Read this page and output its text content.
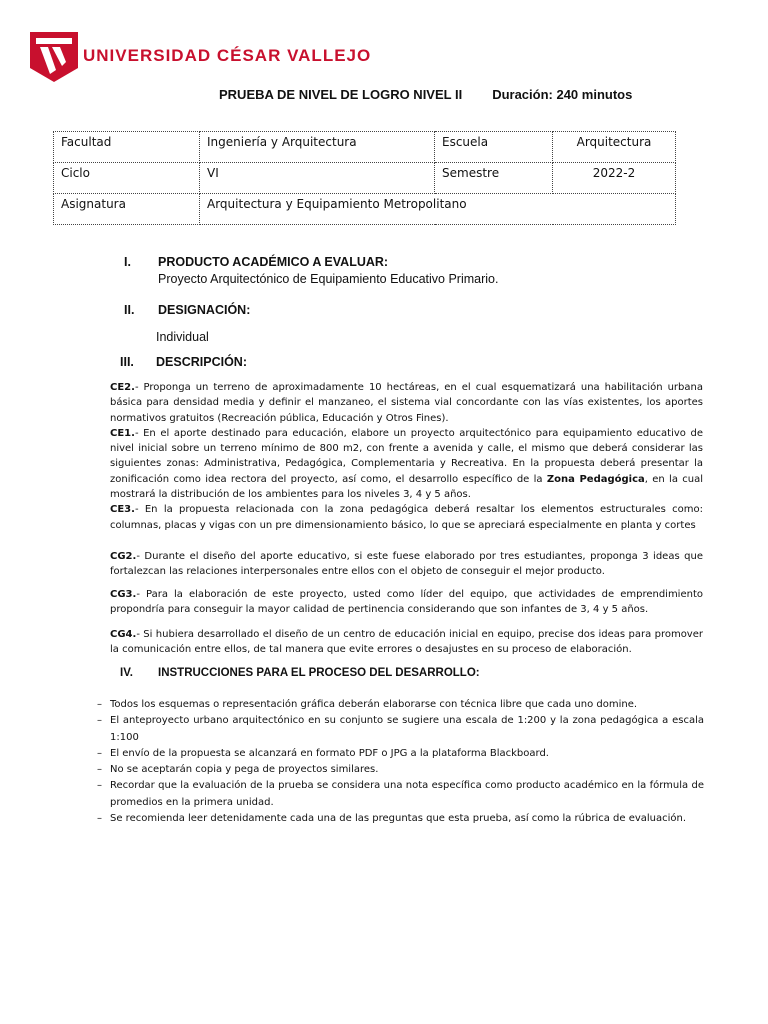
UNIVERSIDAD CÉSAR VALLEJO
PRUEBA DE NIVEL DE LOGRO NIVEL II Duración: 240 minutos
Facultad	Ingeniería y Arquitectura	Escuela	Arquitectura
Ciclo	VI	Semestre	2022-2
Asignatura	Arquitectura y Equipamiento Metropolitano		
I. PRODUCTO ACADÉMICO A EVALUAR:
Proyecto Arquitectónico de Equipamiento Educativo Primario.
II. DESIGNACIÓN:
Individual
III. DESCRIPCIÓN:
CE2.- Proponga un terreno de aproximadamente 10 hectáreas, en el cual esquematizará una habilitación urbana básica para densidad media y definir el manzaneo, el sistema vial concordante con las vías existentes, los aportes normativos gratuitos (Recreación pública, Educación y Otros Fines).
CE1.- En el aporte destinado para educación, elabore un proyecto arquitectónico para equipamiento educativo de nivel inicial sobre un terreno mínimo de 800 m2, con frente a avenida y calle, el mismo que deberá considerar las siguientes zonas: Administrativa, Pedagógica, Complementaria y Recreativa. En la propuesta deberá presentar la zonificación como idea rectora del proyecto, así como, el desarrollo específico de la Zona Pedagógica, en la cual mostrará la distribución de los ambientes para los niveles 3, 4 y 5 años.
CE3.- En la propuesta relacionada con la zona pedagógica deberá resaltar los elementos estructurales como: columnas, placas y vigas con un pre dimensionamiento básico, lo que se apreciará especialmente en planta y cortes
CG2.- Durante el diseño del aporte educativo, si este fuese elaborado por tres estudiantes, proponga 3 ideas que fortalezcan las relaciones interpersonales entre ellos con el objeto de conseguir el mejor producto.
CG3.- Para la elaboración de este proyecto, usted como líder del equipo, que actividades de emprendimiento propondría para conseguir la mayor calidad de pertinencia considerando que son infantes de 3, 4 y 5 años.
CG4.- Si hubiera desarrollado el diseño de un centro de educación inicial en equipo, precise dos ideas para promover la comunicación entre ellos, de tal manera que evite errores o desajustes en su proceso de elaboración.
IV. INSTRUCCIONES PARA EL PROCESO DEL DESARROLLO:
– Todos los esquemas o representación gráfica deberán elaborarse con técnica libre que cada uno domine.
– El anteproyecto urbano arquitectónico en su conjunto se sugiere una escala de 1:200 y la zona pedagógica a escala 1:100
– El envío de la propuesta se alcanzará en formato PDF o JPG a la plataforma Blackboard.
– No se aceptarán copia y pega de proyectos similares.
– Recordar que la evaluación de la prueba se considera una nota específica como producto académico en la fórmula de promedios en la primera unidad.
– Se recomienda leer detenidamente cada una de las preguntas que esta prueba, así como la rúbrica de evaluación.
